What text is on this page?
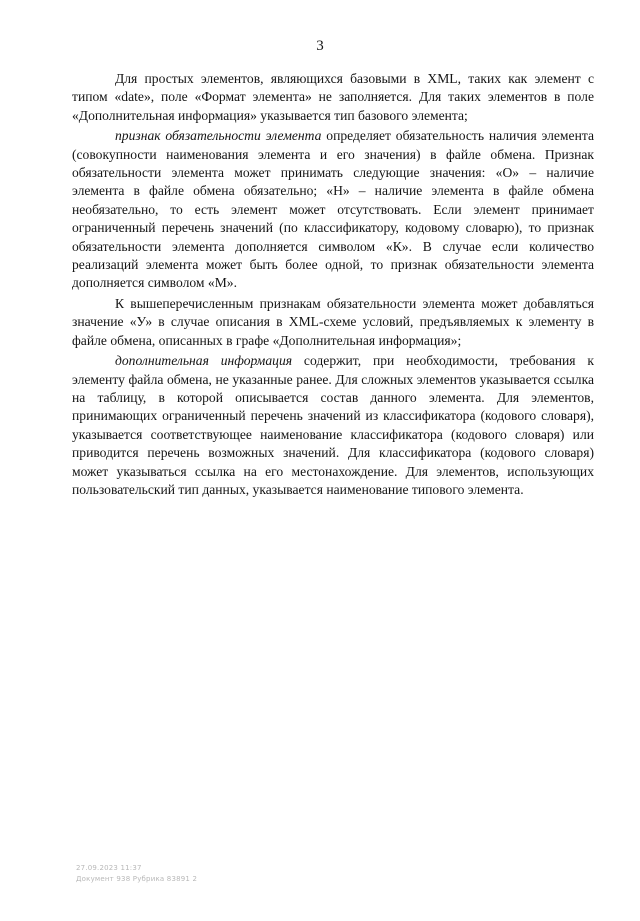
3

Для простых элементов, являющихся базовыми в XML, таких как элемент с типом «date», поле «Формат элемента» не заполняется. Для таких элементов в поле «Дополнительная информация» указывается тип базового элемента;

признак обязательности элемента определяет обязательность наличия элемента (совокупности наименования элемента и его значения) в файле обмена. Признак обязательности элемента может принимать следующие значения: «О» – наличие элемента в файле обмена обязательно; «Н» – наличие элемента в файле обмена необязательно, то есть элемент может отсутствовать. Если элемент принимает ограниченный перечень значений (по классификатору, кодовому словарю), то признак обязательности элемента дополняется символом «К». В случае если количество реализаций элемента может быть более одной, то признак обязательности элемента дополняется символом «М».

К вышеперечисленным признакам обязательности элемента может добавляться значение «У» в случае описания в XML-схеме условий, предъявляемых к элементу в файле обмена, описанных в графе «Дополнительная информация»;

дополнительная информация содержит, при необходимости, требования к элементу файла обмена, не указанные ранее. Для сложных элементов указывается ссылка на таблицу, в которой описывается состав данного элемента. Для элементов, принимающих ограниченный перечень значений из классификатора (кодового словаря), указывается соответствующее наименование классификатора (кодового словаря) или приводится перечень возможных значений. Для классификатора (кодового словаря) может указываться ссылка на его местонахождение. Для элементов, использующих пользовательский тип данных, указывается наименование типового элемента.

27.09.2023 11:37
Документ 938 Рубрика 83891 2
